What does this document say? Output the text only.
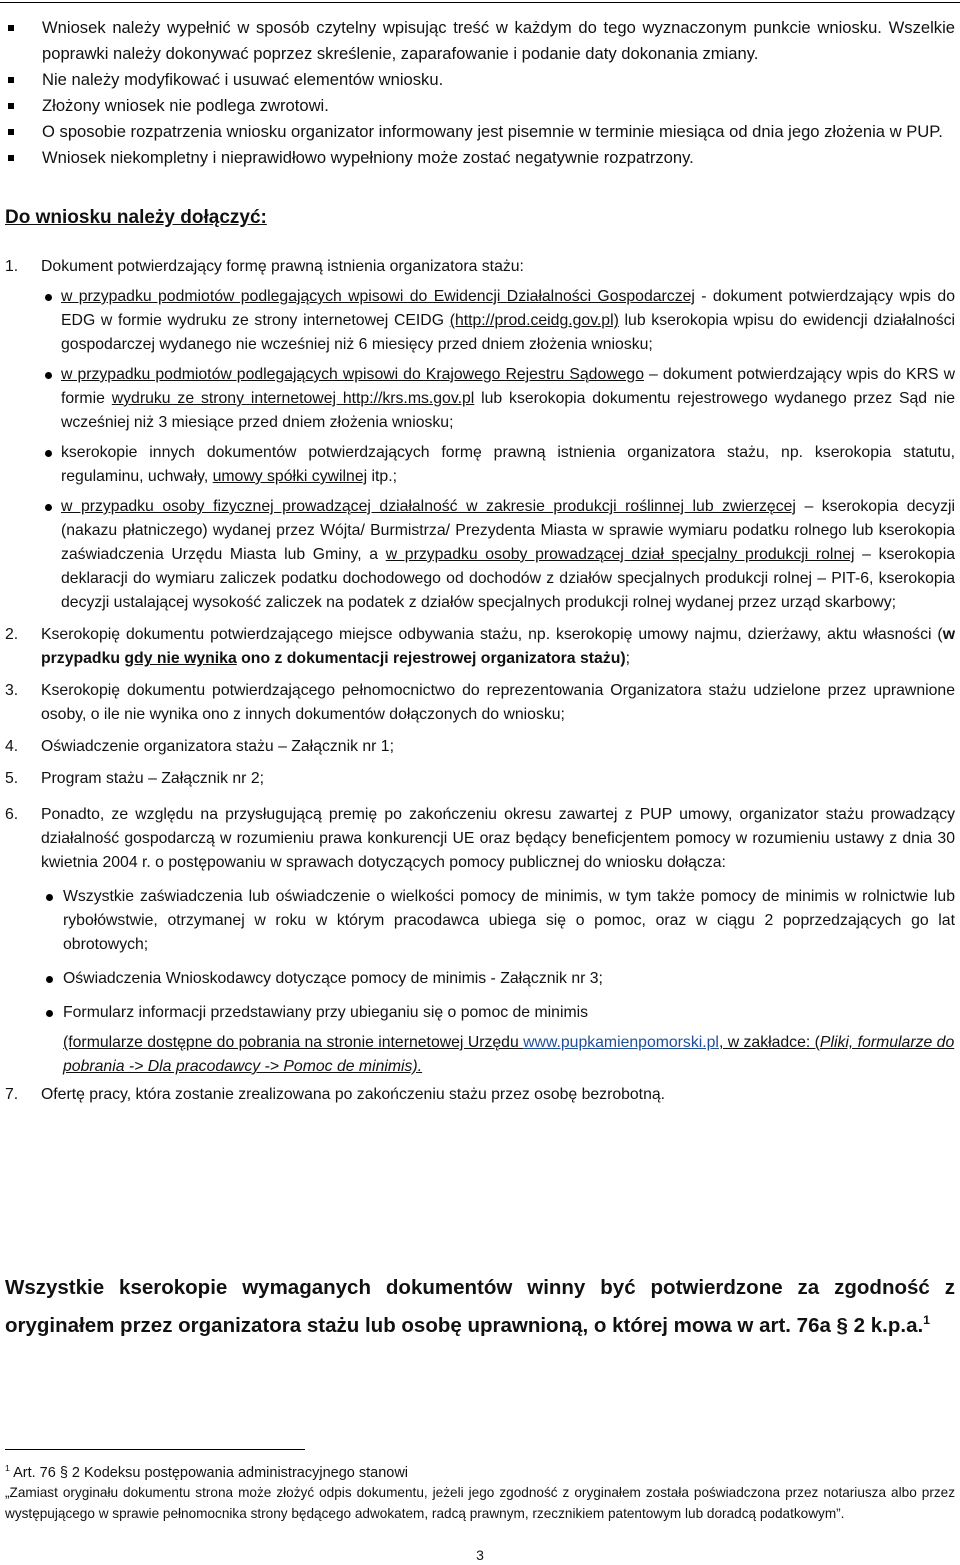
Wniosek należy wypełnić w sposób czytelny wpisując treść w każdym do tego wyznaczonym punkcie wniosku. Wszelkie poprawki należy dokonywać poprzez skreślenie, zaparafowanie i podanie daty dokonania zmiany.

Nie należy modyfikować i usuwać elementów wniosku.

Złożony wniosek nie podlega zwrotowi.

O sposobie rozpatrzenia wniosku organizator informowany jest pisemnie w terminie miesiąca od dnia jego złożenia w PUP.

Wniosek niekompletny i nieprawidłowo wypełniony może zostać negatywnie rozpatrzony.

Do wniosku należy dołączyć:

1. Dokument potwierdzający formę prawną istnienia organizatora stażu:

w przypadku podmiotów podlegających wpisowi do Ewidencji Działalności Gospodarczej - dokument potwierdzający wpis do EDG w formie wydruku ze strony internetowej CEIDG (http://prod.ceidg.gov.pl) lub kserokopia wpisu do ewidencji działalności gospodarczej wydanego nie wcześniej niż 6 miesięcy przed dniem złożenia wniosku;

w przypadku podmiotów podlegających wpisowi do Krajowego Rejestru Sądowego – dokument potwierdzający wpis do KRS w formie wydruku ze strony internetowej http://krs.ms.gov.pl lub kserokopia dokumentu rejestrowego wydanego przez Sąd nie wcześniej niż 3 miesiące przed dniem złożenia wniosku;

kserokopie innych dokumentów potwierdzających formę prawną istnienia organizatora stażu, np. kserokopia statutu, regulaminu, uchwały, umowy spółki cywilnej itp.;

w przypadku osoby fizycznej prowadzącej działalność w zakresie produkcji roślinnej lub zwierzęcej – kserokopia decyzji (nakazu płatniczego) wydanej przez Wójta/ Burmistrza/ Prezydenta Miasta w sprawie wymiaru podatku rolnego lub kserokopia zaświadczenia Urzędu Miasta lub Gminy, a w przypadku osoby prowadzącej dział specjalny produkcji rolnej – kserokopia deklaracji do wymiaru zaliczek podatku dochodowego od dochodów z działów specjalnych produkcji rolnej – PIT-6, kserokopia decyzji ustalającej wysokość zaliczek na podatek z działów specjalnych produkcji rolnej wydanej przez urząd skarbowy;

2. Kserokopię dokumentu potwierdzającego miejsce odbywania stażu, np. kserokopię umowy najmu, dzierżawy, aktu własności (w przypadku gdy nie wynika ono z dokumentacji rejestrowej organizatora stażu);

3. Kserokopię dokumentu potwierdzającego pełnomocnictwo do reprezentowania Organizatora stażu udzielone przez uprawnione osoby, o ile nie wynika ono z innych dokumentów dołączonych do wniosku;

4. Oświadczenie organizatora stażu – Załącznik nr 1;

5. Program stażu – Załącznik nr 2;

6. Ponadto, ze względu na przysługującą premię po zakończeniu okresu zawartej z PUP umowy, organizator stażu prowadzący działalność gospodarczą w rozumieniu prawa konkurencji UE oraz będący beneficjentem pomocy w rozumieniu ustawy z dnia 30 kwietnia 2004 r. o postępowaniu w sprawach dotyczących pomocy publicznej do wniosku dołącza:

Wszystkie zaświadczenia lub oświadczenie o wielkości pomocy de minimis, w tym także pomocy de minimis w rolnictwie lub rybołówstwie, otrzymanej w roku w którym pracodawca ubiega się o pomoc, oraz w ciągu 2 poprzedzających go lat obrotowych;

Oświadczenia Wnioskodawcy dotyczące pomocy de minimis - Załącznik nr 3;

Formularz informacji przedstawiany przy ubieganiu się o pomoc de minimis

(formularze dostępne do pobrania na stronie internetowej Urzędu www.pupkamienpomorski.pl, w zakładce: (Pliki, formularze do pobrania -> Dla pracodawcy -> Pomoc de minimis).

7. Ofertę pracy, która zostanie zrealizowana po zakończeniu stażu przez osobę bezrobotną.

Wszystkie kserokopie wymaganych dokumentów winny być potwierdzone za zgodność z oryginałem przez organizatora stażu lub osobę uprawnioną, o której mowa w art. 76a § 2 k.p.a.$^1$
$^1$ Art. 76 § 2 Kodeksu postępowania administracyjnego stanowi
„Zamiast oryginału dokumentu strona może złożyć odpis dokumentu, jeżeli jego zgodność z oryginałem została poświadczona przez notariusza albo przez występującego w sprawie pełnomocnika strony będącego adwokatem, radcą prawnym, rzecznikiem patentowym lub doradcą podatkowym”.
3
